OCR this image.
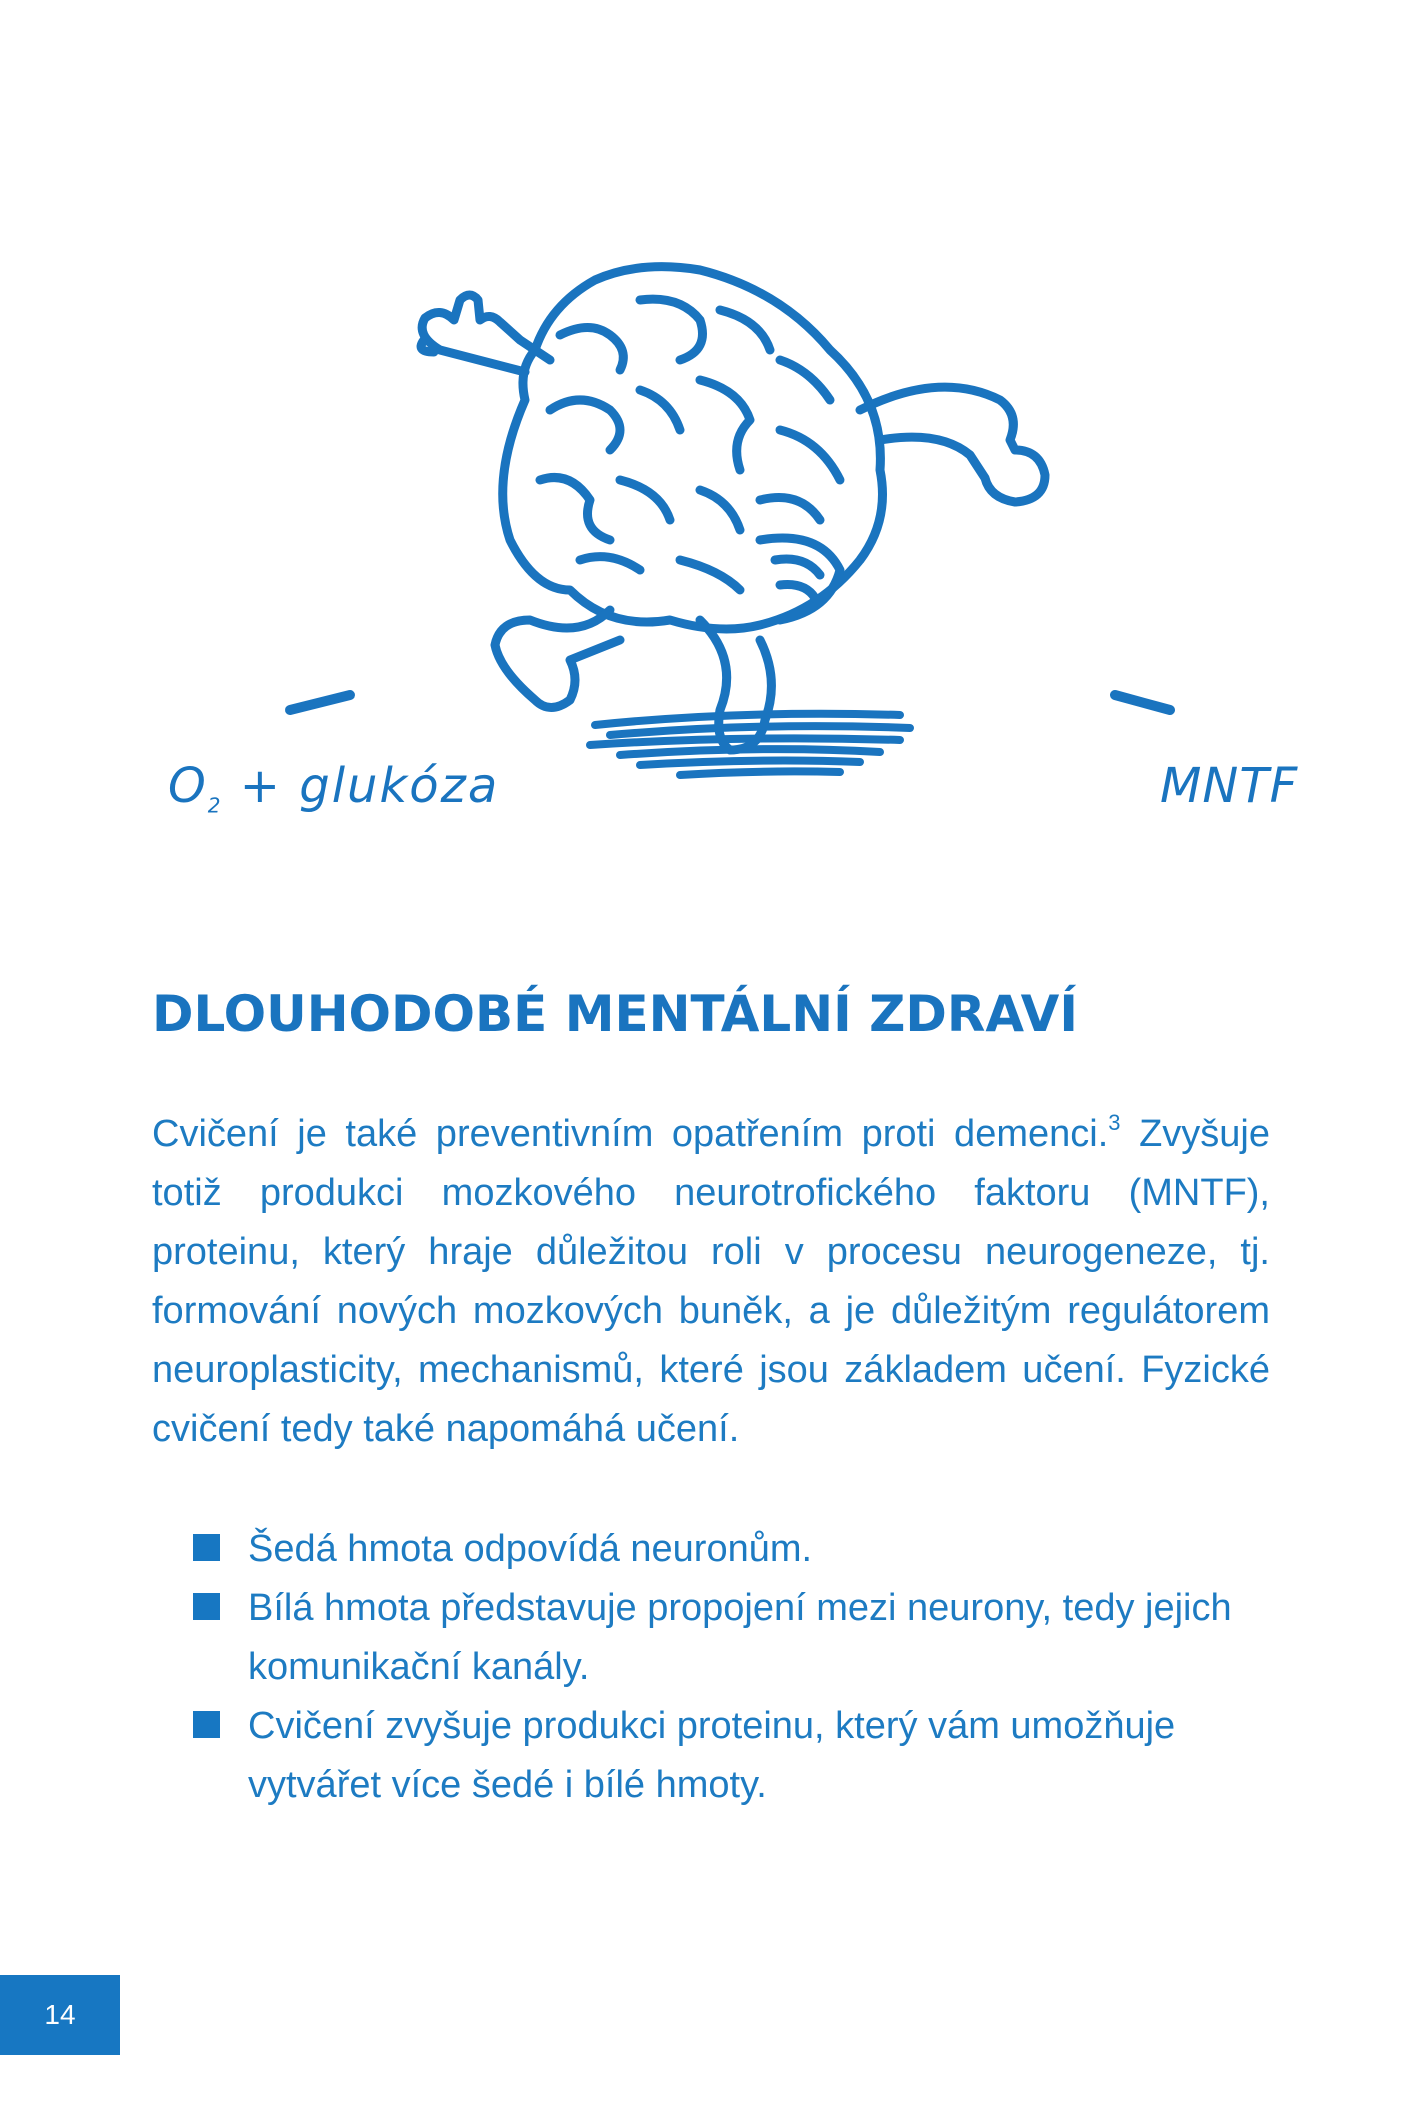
$O_2$ + glukóza	MNTF
DLOUHODOBÉ MENTÁLNÍ ZDRAVÍ

Cvičení je také preventivním opatřením proti demenci.$^3$ Zvyšuje totiž produkci mozkového neurotrofického faktoru (MNTF), proteinu, který hraje důležitou roli v procesu neurogeneze, tj. formování nových mozkových buněk, a je důležitým regulátorem neuroplasticity, mechanismů, které jsou základem učení. Fyzické cvičení tedy také napomáhá učení.

Šedá hmota odpovídá neuronům.
Bílá hmota představuje propojení mezi neurony, tedy jejich komunikační kanály.
Cvičení zvyšuje produkci proteinu, který vám umožňuje vytvářet více šedé i bílé hmoty.
14
